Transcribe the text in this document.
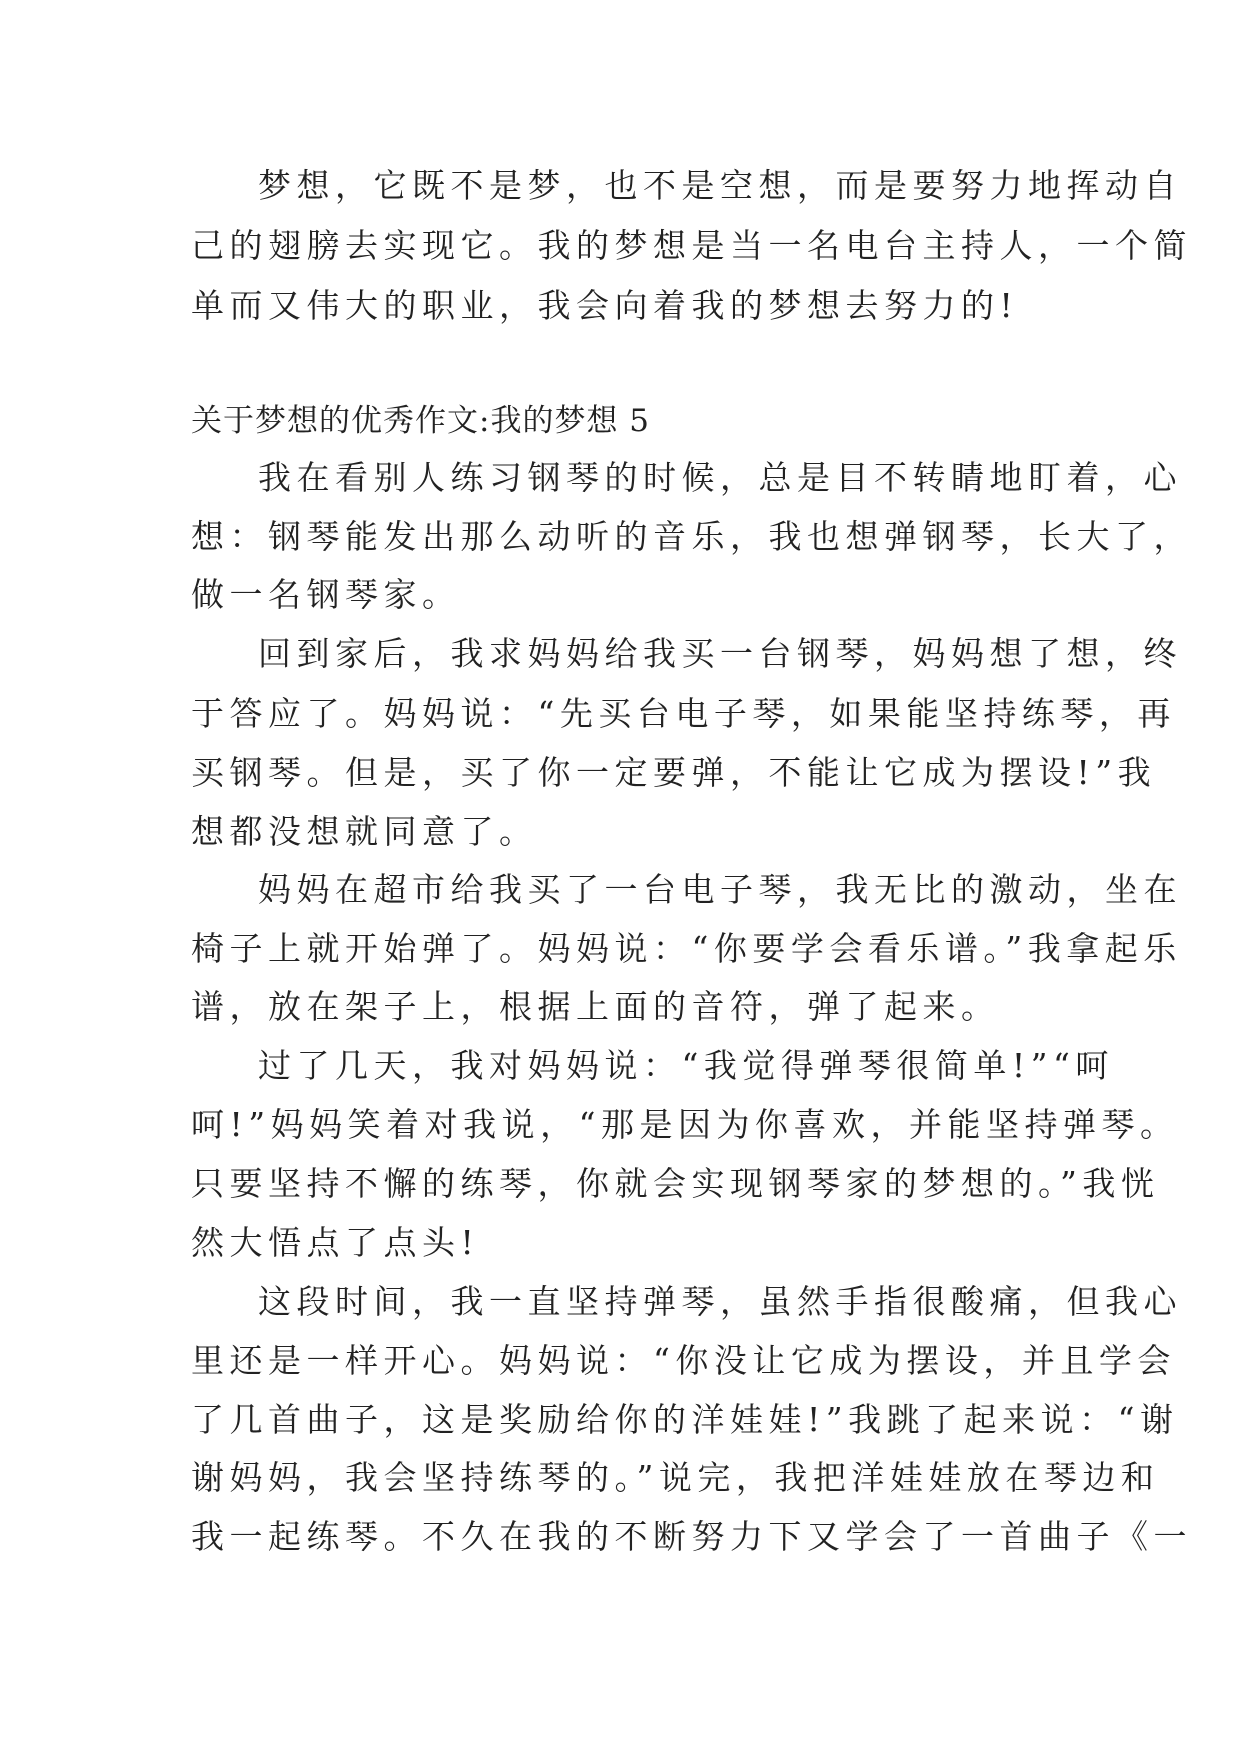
梦想，它既不是梦，也不是空想，而是要努力地挥动自
己的翅膀去实现它。我的梦想是当一名电台主持人，一个简
单而又伟大的职业，我会向着我的梦想去努力的!
关于梦想的优秀作文:我的梦想 5
我在看别人练习钢琴的时候，总是目不转睛地盯着，心
想：钢琴能发出那么动听的音乐，我也想弹钢琴，长大了，
做一名钢琴家。
回到家后，我求妈妈给我买一台钢琴，妈妈想了想，终
于答应了。妈妈说：“先买台电子琴，如果能坚持练琴，再
买钢琴。但是，买了你一定要弹，不能让它成为摆设!”我
想都没想就同意了。
妈妈在超市给我买了一台电子琴，我无比的激动，坐在
椅子上就开始弹了。妈妈说：“你要学会看乐谱。”我拿起乐
谱，放在架子上，根据上面的音符，弹了起来。
过了几天，我对妈妈说：“我觉得弹琴很简单!”“呵
呵!”妈妈笑着对我说，“那是因为你喜欢，并能坚持弹琴。
只要坚持不懈的练琴，你就会实现钢琴家的梦想的。”我恍
然大悟点了点头!
这段时间，我一直坚持弹琴，虽然手指很酸痛，但我心
里还是一样开心。妈妈说：“你没让它成为摆设，并且学会
了几首曲子，这是奖励给你的洋娃娃!”我跳了起来说：“谢
谢妈妈，我会坚持练琴的。”说完，我把洋娃娃放在琴边和
我一起练琴。不久在我的不断努力下又学会了一首曲子《一
